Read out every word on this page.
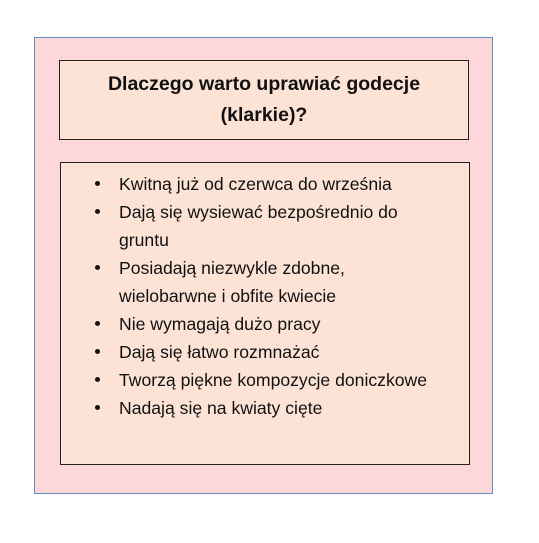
Dlaczego warto uprawiać godecje
(klarkie)?
Kwitną już od czerwca do września
Dają się wysiewać bezpośrednio do gruntu
Posiadają niezwykle zdobne, wielobarwne i obfite kwiecie
Nie wymagają dużo pracy
Dają się łatwo rozmnażać
Tworzą piękne kompozycje doniczkowe
Nadają się na kwiaty cięte
